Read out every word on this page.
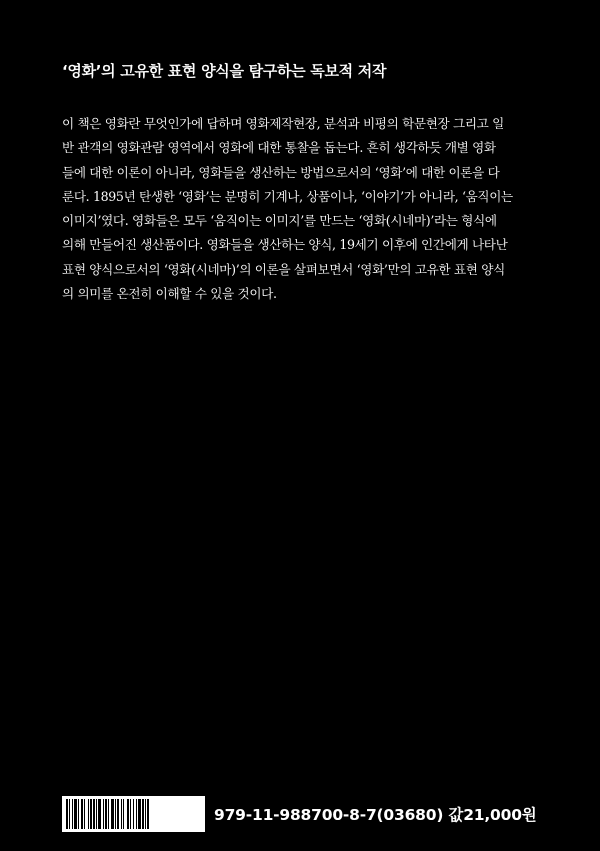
‘영화’의 고유한 표현 양식을 탐구하는 독보적 저작
이 책은 영화란 무엇인가에 답하며 영화제작현장, 분석과 비평의 학문현장 그리고 일
반 관객의 영화관람 영역에서 영화에 대한 통찰을 돕는다. 흔히 생각하듯 개별 영화
들에 대한 이론이 아니라, 영화들을 생산하는 방법으로서의 ‘영화’에 대한 이론을 다
룬다. 1895년 탄생한 ‘영화’는 분명히 기계나, 상품이나, ‘이야기’가 아니라, ‘움직이는
이미지’였다. 영화들은 모두 ‘움직이는 이미지’를 만드는 ‘영화(시네마)’라는 형식에
의해 만들어진 생산품이다. 영화들을 생산하는 양식, 19세기 이후에 인간에게 나타난
표현 양식으로서의 ‘영화(시네마)’의 이론을 살펴보면서 ‘영화’만의 고유한 표현 양식
의 의미를 온전히 이해할 수 있을 것이다.
979-11-988700-8-7(03680) 값21,000원
